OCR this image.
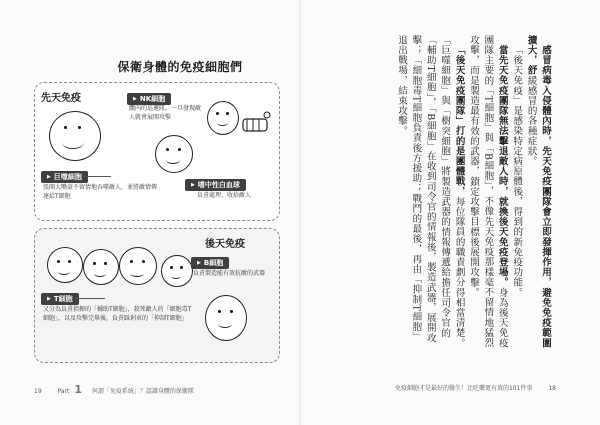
保衛身體的免疫細胞們
先天免疫
▶	NK細胞
體內的巡邏隊，一旦發現敵人就會展開攻擊
▶ 巨噬細胞
張開大嘴豪不留情地吞噬敵人，並將敵情傳達給T細胞
▶ 嗜中性白血球
負責處理、收拾敵人
後天免疫
▶ B細胞
負責製造能有效抗敵的武器
▶ T細胞
又分為負責指揮的「輔助T細胞」，殺死敵人的「細胞毒T細胞」，以及攻擊完畢後，負責踩剎車的「抑制T細胞」
19	Part 1 何謂「免疫系統」？認識身體的保衛隊

感冒病毒入侵體內時，先天免疫團隊會立即發揮作用，避免免疫範圍擴大，舒緩感冒的各種症狀。

「後天免疫」是感染特定病原體後，得到的新免疫功能。

當先天免疫團隊無法擊退敵人時，就換後天免疫登場。身為後天免疫團隊主要的「T細胞」與「B細胞」，不像先天免疫那樣毫不留情地猛烈攻擊，而是製造最有效的武器，鎖定攻擊目標後展開攻擊。

「後天免疫團隊」打的是團體戰，每位隊員的職責劃分得相當清楚。「巨噬細胞」與「樹突細胞」將製造武器的情報傳遞給擔任司令官的「輔助T細胞」，「B細胞」在收到司令官的情報後，製造武器，展開攻擊；「細胞毒T細胞負責後方援助；戰鬥的最後，再由「抑制T細胞」退出戰場，結束攻擊。

免疫細胞才是最好的醫生！比吃藥更有效的101件事	18
